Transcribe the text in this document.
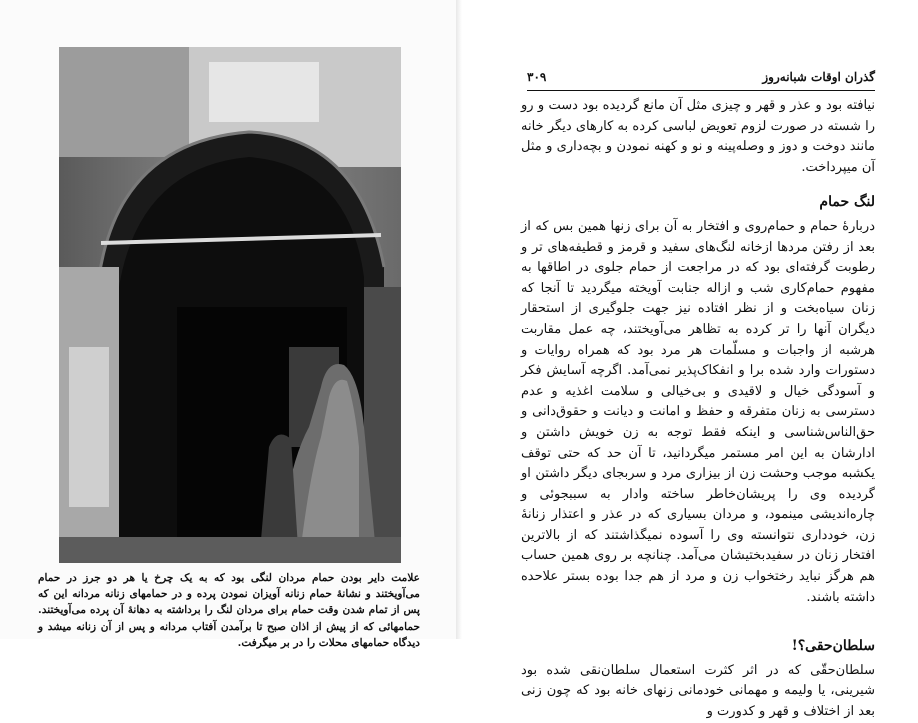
علامت دایر بودن حمام مردان لنگی بود که به یک چرخ یا هر دو جرز در حمام می‌آویختند و نشانهٔ حمام زنانه آویزان نمودن پرده و در حمامهای زنانه مردانه این که پس از تمام شدن وقت حمام برای مردان لنگ را برداشته به دهانهٔ آن پرده می‌آویختند. حمامهائی که از پیش از اذان صبح تا برآمدن آفتاب مردانه و پس از آن زنانه میشد و دیدگاه حمامهای محلات را در بر میگرفت.

گذران اوقات شبانه‌روز
۳۰۹

نیافته بود و عذر و قهر و چیزی مثل آن مانع گردیده بود دست و رو را شسته در صورت لزوم تعویض لباسی کرده به کارهای دیگر خانه مانند دوخت و دوز و وصله‌پینه و نو و کهنه نمودن و بچه‌داری و مثل آن میپرداخت.

لنگ حمام

دربارهٔ حمام و حمام‌روی و افتخار به آن برای زنها همین بس که از بعد از رفتن مردها ازخانه لنگ‌های سفید و قرمز و قطیفه‌های تر و رطوبت گرفته‌ای بود که در مراجعت از حمام جلوی در اطاقها به مفهوم حمام‌کاری شب و ازاله جنابت آویخته میگردید تا آنجا که زنان سیاه‌بخت و از نظر افتاده نیز جهت جلوگیری از استحقار دیگران آنها را تر کرده به تظاهر می‌آویختند، چه عمل مقاربت هرشبه از واجبات و مسلّمات هر مرد بود که همراه روایات و دستورات وارد شده برا و انفکاک‌پذیر نمی‌آمد. اگرچه آسایش فکر و آسودگی خیال و لاقیدی و بی‌خیالی و سلامت اغذیه و عدم دسترسی به زنان متفرقه و حفظ و امانت و دیانت و حقوق‌دانی و حق‌الناس‌شناسی و اینکه فقط توجه به زن خویش داشتن و ادارشان به این امر مستمر میگردانید، تا آن حد که حتی توقف یکشبه موجب وحشت زن از بیزاری مرد و سربجای دیگر داشتن او گردیده وی را پریشان‌خاطر ساخته وادار به سببجوئی و چاره‌اندیشی مینمود، و مردان بسیاری که در عذر و اعتذار زنانهٔ زن، خودداری نتوانسته وی را آسوده نمیگذاشتند که از بالاترین افتخار زنان در سفیدبختیشان می‌آمد. چنانچه بر روی همین حساب هم هرگز نباید رختخواب زن و مرد از هم جدا بوده بستر علاحده داشته باشند.

سلطان‌حقی؟!

سلطان‌حقّی که در اثر کثرت استعمال سلطان‌نقی شده بود شیرینی، یا ولیمه و مهمانی خودمانی زنهای خانه بود که چون زنی بعد از اختلاف و قهر و کدورت و
